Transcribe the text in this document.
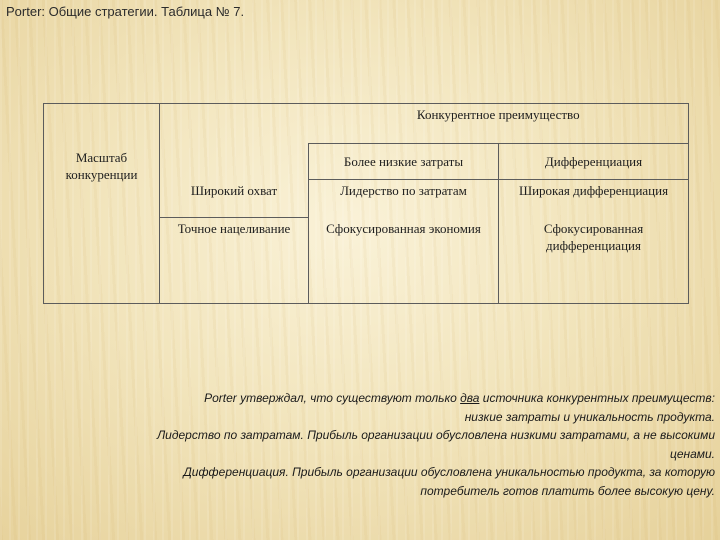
Porter: Общие стратегии. Таблица № 7.
		Конкурентное преимущество	
Масштаб конкуренции		Более низкие затраты	Дифференциация
	Широкий охват	Лидерство по затратам	Широкая дифференциация
	Точное нацеливание	Сфокусированная экономия	Сфокусированная дифференциация

Porter утверждал, что существуют только два источника конкурентных преимуществ:

низкие затраты и уникальность продукта.

Лидерство по затратам. Прибыль организации обусловлена низкими затратами, а не высокими

ценами.

Дифференциация. Прибыль организации обусловлена уникальностью продукта, за которую

потребитель готов платить более высокую цену.
